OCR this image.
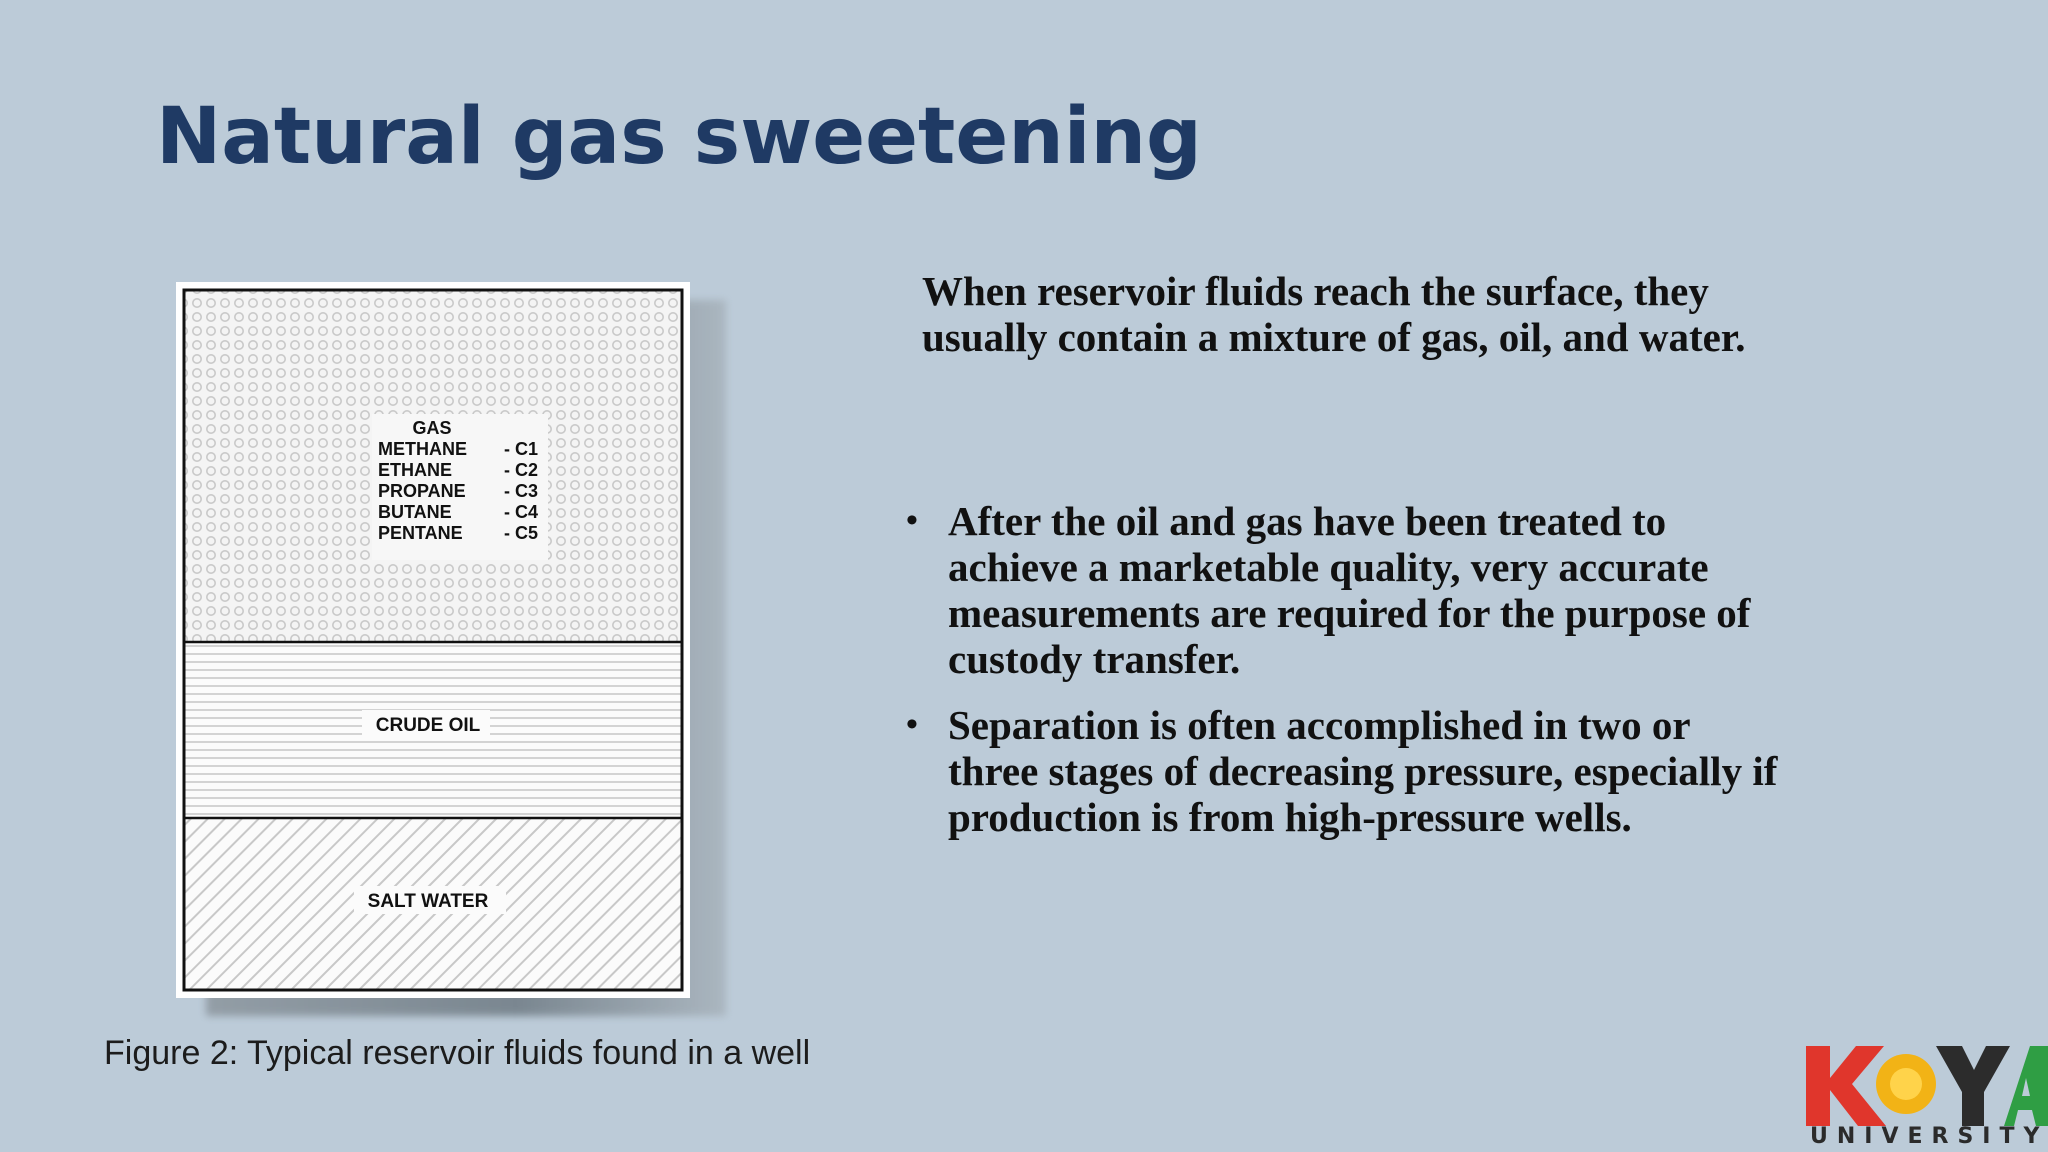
Natural gas sweetening
GAS
METHANE - C1
ETHANE	- C2
PROPANE - C3
BUTANE	- C4
PENTANE - C5
CRUDE OIL
SALT WATER

Figure 2: Typical reservoir fluids found in a well

When reservoir fluids reach the surface, they usually contain a mixture of gas, oil, and water.

• After the oil and gas have been treated to achieve a marketable quality, very accurate measurements are required for the purpose of custody transfer.
• Separation is often accomplished in two or three stages of decreasing pressure, especially if production is from high-pressure wells.
UNIVERSITY
